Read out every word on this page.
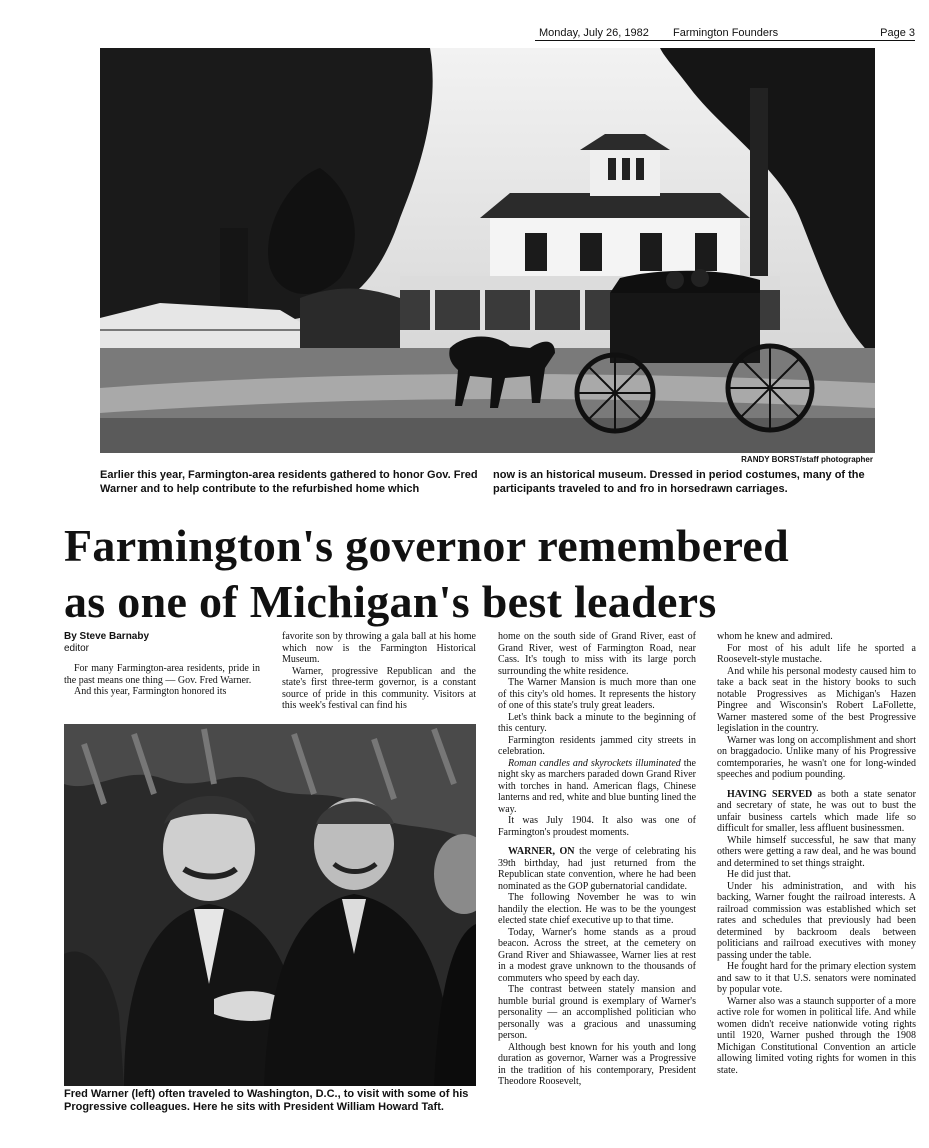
Monday, July 26, 1982 Farmington Founders	Page 3
RANDY BORST/staff photographer
Earlier this year, Farmington-area residents gathered to honor Gov. Fred Warner and to help contribute to the refurbished home which
now is an historical museum. Dressed in period costumes, many of the participants traveled to and fro in horsedrawn carriages.
Farmington's governor remembered
as one of Michigan's best leaders
By Steve Barnaby
editor

For many Farmington-area residents, pride in the past means one thing — Gov. Fred Warner.

And this year, Farmington honored its

favorite son by throwing a gala ball at his home which now is the Farmington Historical Museum.

Warner, progressive Republican and the state's first three-term governor, is a constant source of pride in this community. Visitors at this week's festival can find his

Fred Warner (left) often traveled to Washington, D.C., to visit with some of his Progressive colleagues. Here he sits with President William Howard Taft.

home on the south side of Grand River, east of Grand River, west of Farmington Road, near Cass. It's tough to miss with its large porch surrounding the white residence.

The Warner Mansion is much more than one of this city's old homes. It represents the history of one of this state's truly great leaders.

Let's think back a minute to the beginning of this century.

Farmington residents jammed city streets in celebration.

Roman candles and skyrockets illuminated the night sky as marchers paraded down Grand River with torches in hand. American flags, Chinese lanterns and red, white and blue bunting lined the way.

It was July 1904. It also was one of Farmington's proudest moments.

WARNER, ON the verge of celebrating his 39th birthday, had just returned from the Republican state convention, where he had been nominated as the GOP gubernatorial candidate.

The following November he was to win handily the election. He was to be the youngest elected state chief executive up to that time.

Today, Warner's home stands as a proud beacon. Across the street, at the cemetery on Grand River and Shiawassee, Warner lies at rest in a modest grave unknown to the thousands of commuters who speed by each day.

The contrast between stately mansion and humble burial ground is exemplary of Warner's personality — an accomplished politician who personally was a gracious and unassuming person.

Although best known for his youth and long duration as governor, Warner was a Progressive in the tradition of his contemporary, President Theodore Roosevelt,

whom he knew and admired.

For most of his adult life he sported a Roosevelt-style mustache.

And while his personal modesty caused him to take a back seat in the history books to such notable Progressives as Michigan's Hazen Pingree and Wisconsin's Robert LaFollette, Warner mastered some of the best Progressive legislation in the country.

Warner was long on accomplishment and short on braggadocio. Unlike many of his Progressive comtemporaries, he wasn't one for long-winded speeches and podium pounding.

HAVING SERVED as both a state senator and secretary of state, he was out to bust the unfair business cartels which made life so difficult for smaller, less affluent businessmen.

While himself successful, he saw that many others were getting a raw deal, and he was bound and determined to set things straight.

He did just that.

Under his administration, and with his backing, Warner fought the railroad interests. A railroad commission was established which set rates and schedules that previously had been determined by backroom deals between politicians and railroad executives with money passing under the table.

He fought hard for the primary election system and saw to it that U.S. senators were nominated by popular vote.

Warner also was a staunch supporter of a more active role for women in political life. And while women didn't receive nationwide voting rights until 1920, Warner pushed through the 1908 Michigan Constitutional Convention an article allowing limited voting rights for women in this state.
